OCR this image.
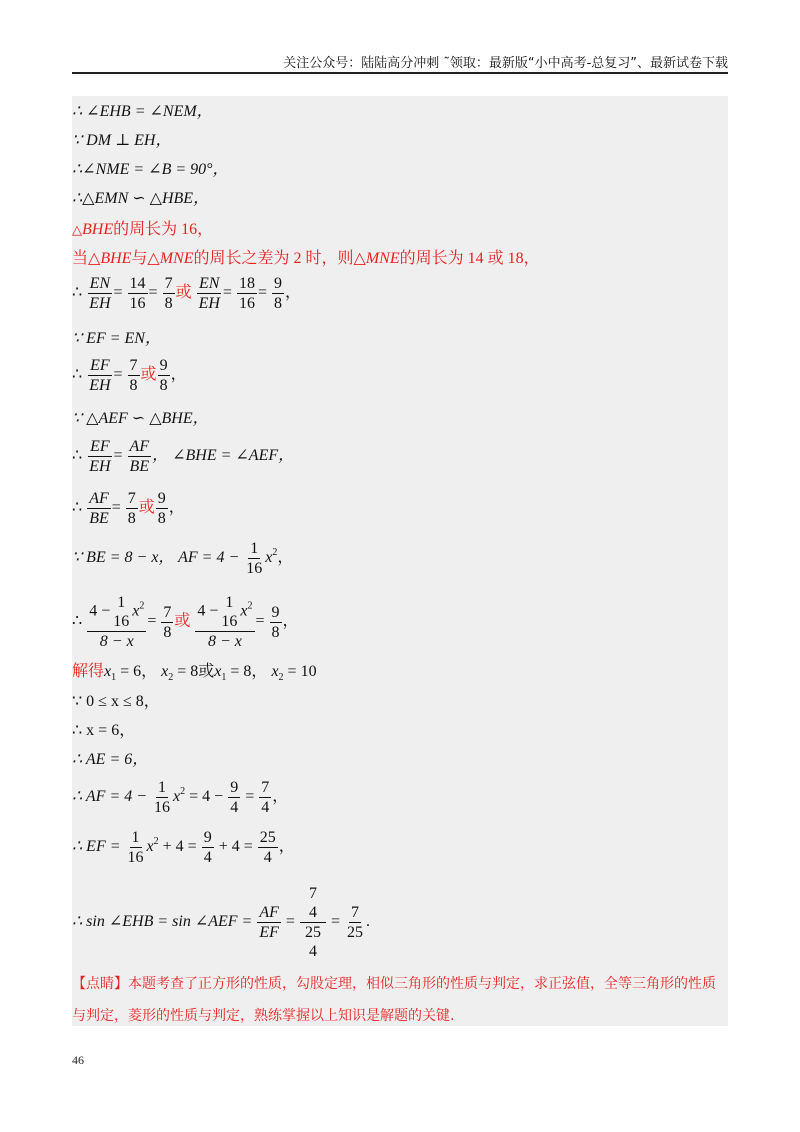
关注公众号：陆陆高分冲刺 ˜领取：最新版“小中高考-总复习”、最新试卷下载
∴ ∠EHB = ∠NEM，
∵ DM ⊥ EH，
∴∠NME = ∠B = 90°，
∴△EMN ∽ △HBE，
△BHE的周长为 16，
当△BHE与△MNE的周长之差为 2 时，则△MNE的周长为 14 或 18，
∴ $\frac{EN}{EH} = \frac{14}{16} = \frac{7}{8}$ 或 $\frac{EN}{EH} = \frac{18}{16} = \frac{9}{8}$ ，
∵ EF = EN，
∴ $\frac{EF}{EH} = \frac{7}{8}$ 或 $\frac{9}{8}$ ，
∵ △AEF ∽ △BHE，
∴ $\frac{EF}{EH} = \frac{AF}{BE}$ ， ∠BHE = ∠AEF，
∴ $\frac{AF}{BE} = \frac{7}{8}$ 或 $\frac{9}{8}$ ，
∵ BE = 8 − x， AF = $4 - \frac{1}{16} x^2$，
∴ 4 −
1
16
$x^2$
$8 - x = \frac{7}{8}$ 或 4 −
1
16
$x^2$
$8 - x = \frac{9}{8}$ ，
解得$x_1 = 6$， $x_2 = 8$或$x_1 = 8$， $x_2 = 10$
∵ 0 ≤ x ≤ 8，
∴ x = 6，
∴ AE = 6，
∴ AF = $4 - \frac{1}{16} x^2 = 4 - \frac{9}{4} = \frac{7}{4}$ ，
∴ EF = $\frac{1}{16} x^2 + 4 = \frac{9}{4} + 4 = \frac{25}{4}$ ，
∴ sin ∠EHB = sin ∠AEF = $\frac{AF}{EF} = 7$
4
25
$4 = \frac{7}{25}$ .
【点睛】本题考查了正方形的性质，勾股定理，相似三角形的性质与判定，求正弦值，全等三角形的性质与判定，菱形的性质与判定，熟练掌握以上知识是解题的关键.
46
